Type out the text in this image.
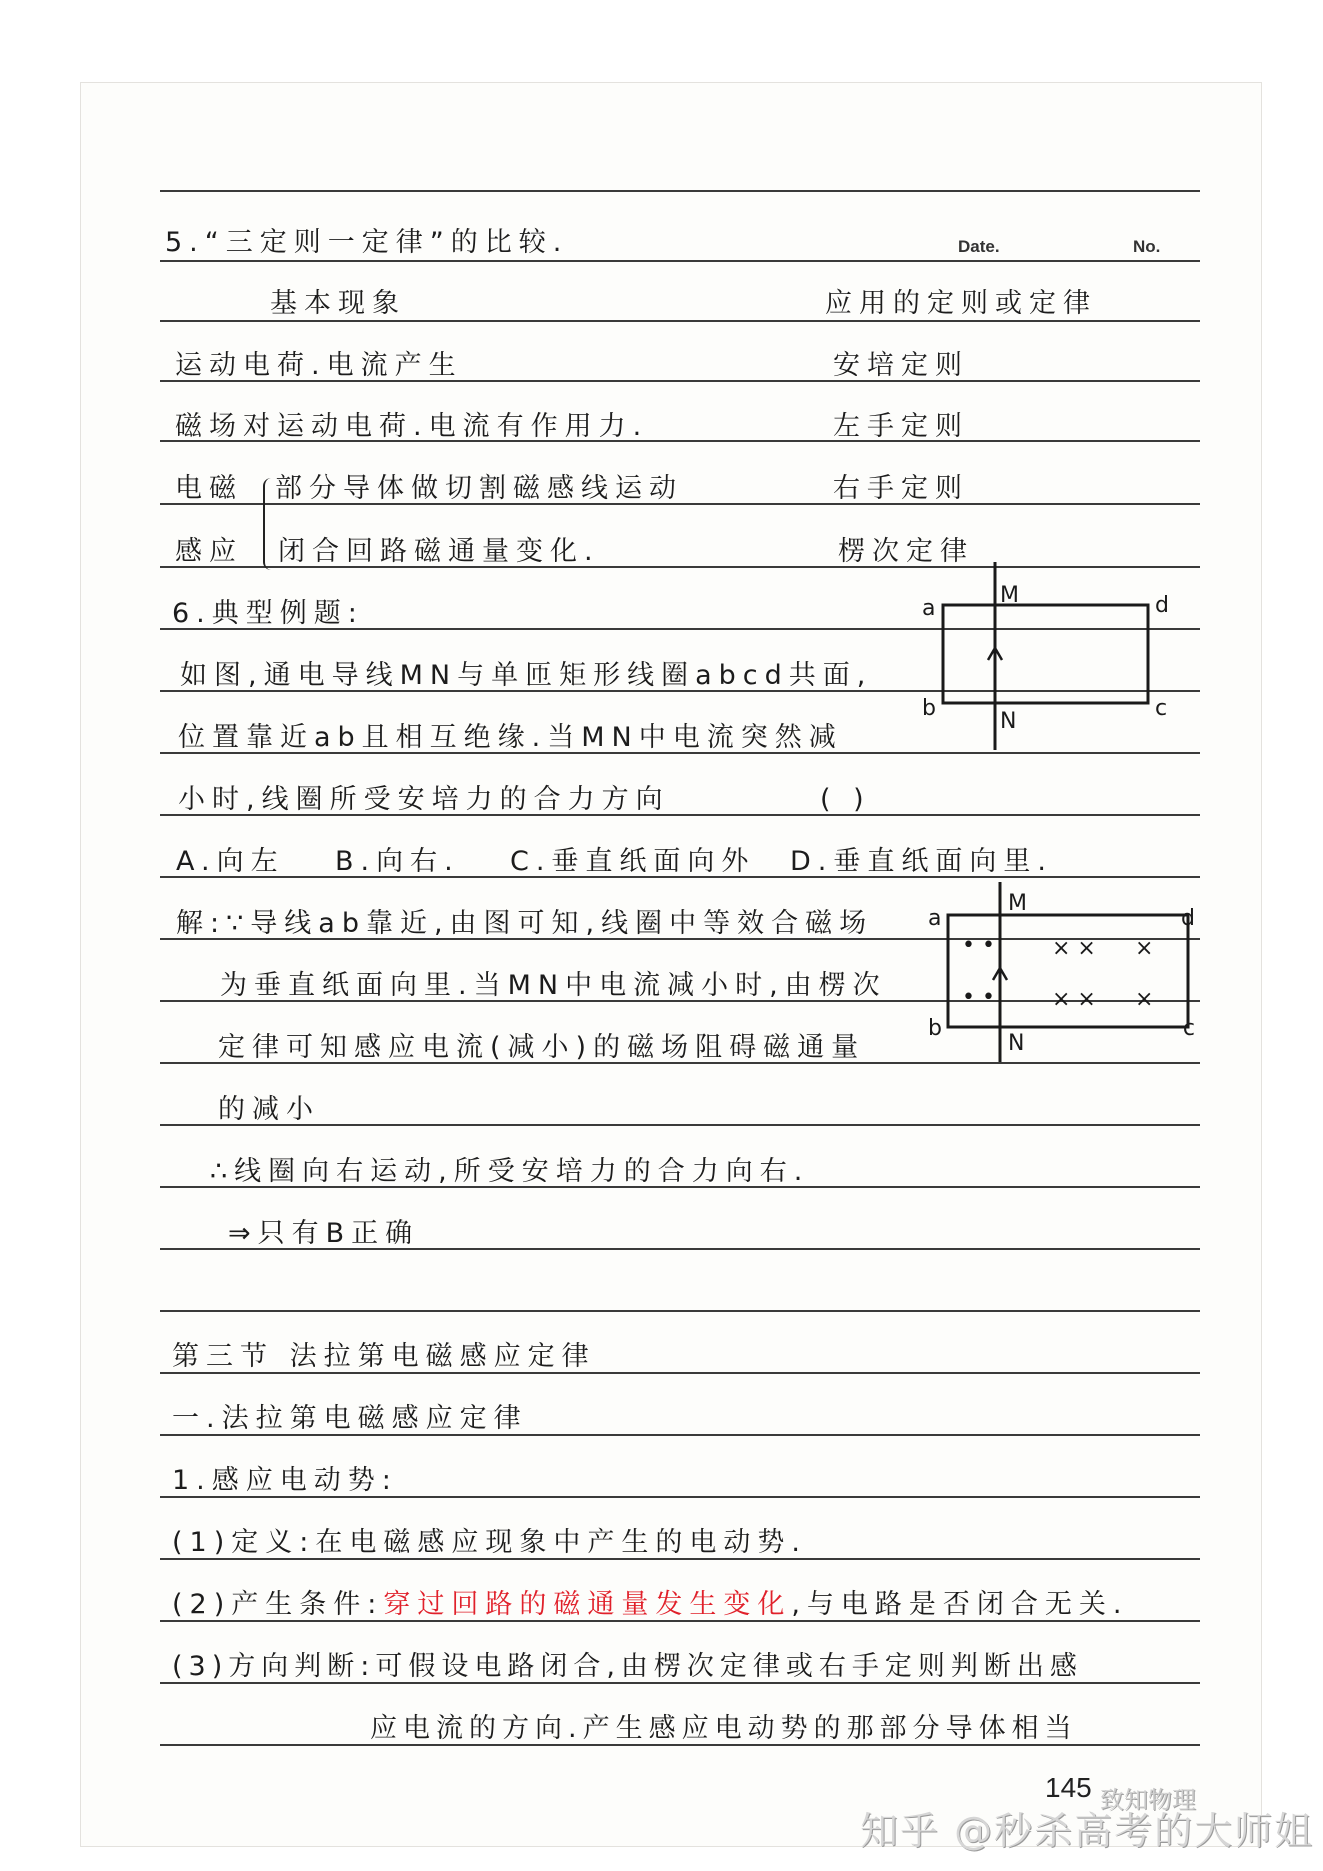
Date.	No.
5.“三定则一定律”的比较.
基本现象	应用的定则或定律
运动电荷.电流产生	安培定则
磁场对运动电荷.电流有作用力.	左手定则
电磁 部分导体做切割磁感线运动	右手定则
感应 闭合回路磁通量变化.	楞次定律
6.典型例题:
如图,通电导线MN与单匝矩形线圈abcd共面,
位置靠近ab且相互绝缘.当MN中电流突然减
小时,线圈所受安培力的合力方向	( )
A.向左 B.向右. C.垂直纸面向外 D.垂直纸面向里.
解:∵导线ab靠近,由图可知,线圈中等效合磁场
为垂直纸面向里.当MN中电流减小时,由楞次
定律可知感应电流(减小)的磁场阻碍磁通量
的减小
∴线圈向右运动,所受安培力的合力向右.
⇒只有B正确
a
M	d
b
N
c
a
M
d
b
N
c
• •
• •
× ×
× ×
×
×
第三节 法拉第电磁感应定律
一.法拉第电磁感应定律
1.感应电动势:
(1)定义:在电磁感应现象中产生的电动势.
(2)产生条件:穿过回路的磁通量发生变化,与电路是否闭合无关.
(3)方向判断:可假设电路闭合,由楞次定律或右手定则判断出感
应电流的方向.产生感应电动势的那部分导体相当
145 致知物理
知乎 @秒杀高考的大师姐
